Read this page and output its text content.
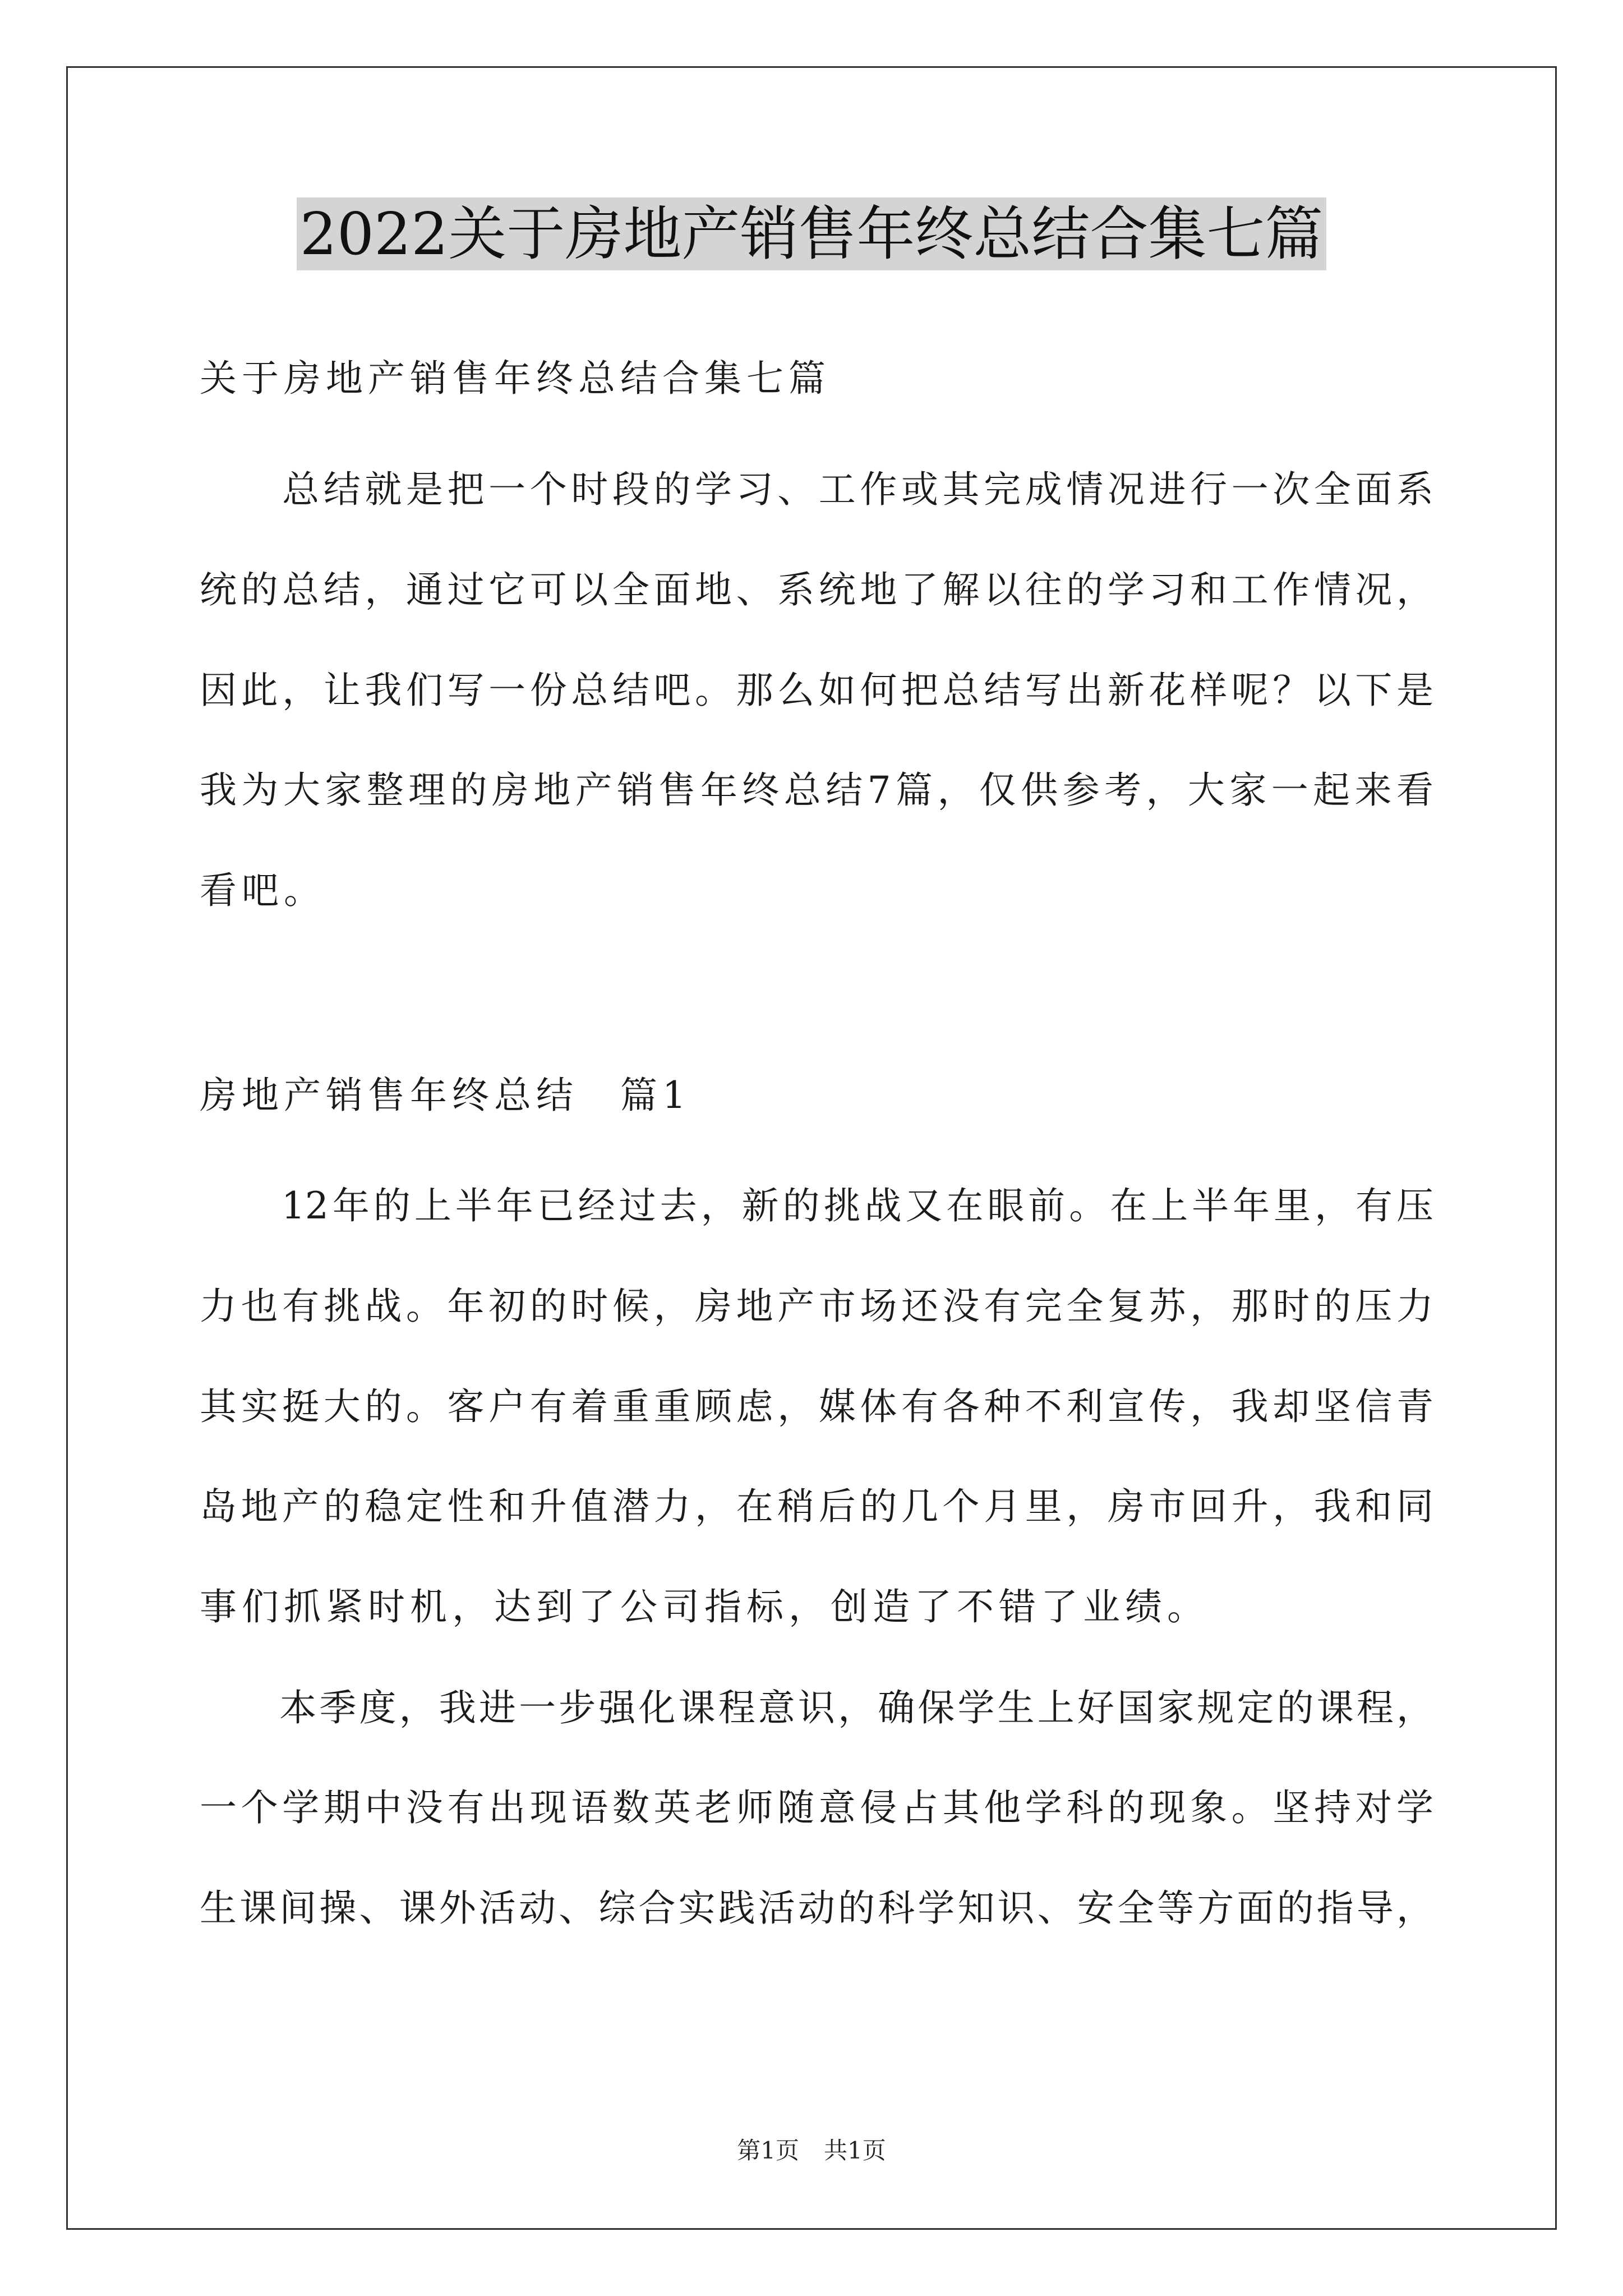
2022关于房地产销售年终总结合集七篇
关于房地产销售年终总结合集七篇
　　总结就是把一个时段的学习、工作或其完成情况进行一次全面系
统的总结，通过它可以全面地、系统地了解以往的学习和工作情况，
因此，让我们写一份总结吧。那么如何把总结写出新花样呢？以下是
我为大家整理的房地产销售年终总结7篇，仅供参考，大家一起来看
看吧。
房地产销售年终总结　篇1
　　12年的上半年已经过去，新的挑战又在眼前。在上半年里，有压
力也有挑战。年初的时候，房地产市场还没有完全复苏，那时的压力
其实挺大的。客户有着重重顾虑，媒体有各种不利宣传，我却坚信青
岛地产的稳定性和升值潜力，在稍后的几个月里，房市回升，我和同
事们抓紧时机，达到了公司指标，创造了不错了业绩。
　　本季度，我进一步强化课程意识，确保学生上好国家规定的课程，
一个学期中没有出现语数英老师随意侵占其他学科的现象。坚持对学
生课间操、课外活动、综合实践活动的科学知识、安全等方面的指导，
第1页 共1页
